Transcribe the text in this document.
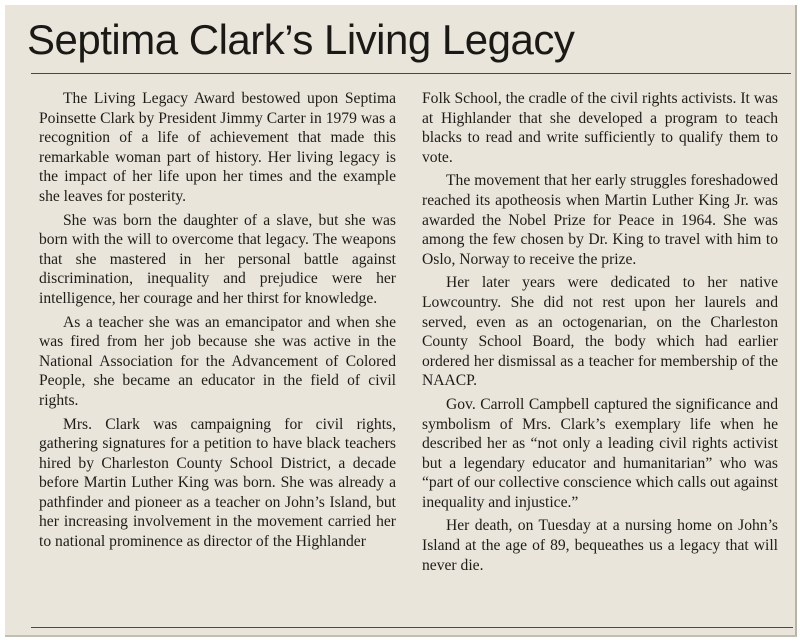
Septima Clark’s Living Legacy

The Living Legacy Award bestowed upon Septima Poinsette Clark by President Jimmy Carter in 1979 was a recognition of a life of achievement that made this remarkable woman part of history. Her living legacy is the impact of her life upon her times and the example she leaves for posterity.

She was born the daughter of a slave, but she was born with the will to overcome that legacy. The weapons that she mastered in her personal battle against discrimination, inequality and prejudice were her intelligence, her courage and her thirst for knowledge.

As a teacher she was an emancipator and when she was fired from her job because she was active in the National Association for the Advancement of Colored People, she became an educator in the field of civil rights.

Mrs. Clark was campaigning for civil rights, gathering signatures for a petition to have black teachers hired by Charleston County School District, a decade before Martin Luther King was born. She was already a pathfinder and pioneer as a teacher on John’s Island, but her increasing involvement in the movement carried her to national prominence as director of the Highlander

Folk School, the cradle of the civil rights activists. It was at Highlander that she developed a program to teach blacks to read and write sufficiently to qualify them to vote.

The movement that her early struggles foreshadowed reached its apotheosis when Martin Luther King Jr. was awarded the Nobel Prize for Peace in 1964. She was among the few chosen by Dr. King to travel with him to Oslo, Norway to receive the prize.

Her later years were dedicated to her native Lowcountry. She did not rest upon her laurels and served, even as an octogenarian, on the Charleston County School Board, the body which had earlier ordered her dismissal as a teacher for membership of the NAACP.

Gov. Carroll Campbell captured the significance and symbolism of Mrs. Clark’s exemplary life when he described her as “not only a leading civil rights activist but a legendary educator and humanitarian” who was “part of our collective conscience which calls out against inequality and injustice.”

Her death, on Tuesday at a nursing home on John’s Island at the age of 89, bequeathes us a legacy that will never die.
